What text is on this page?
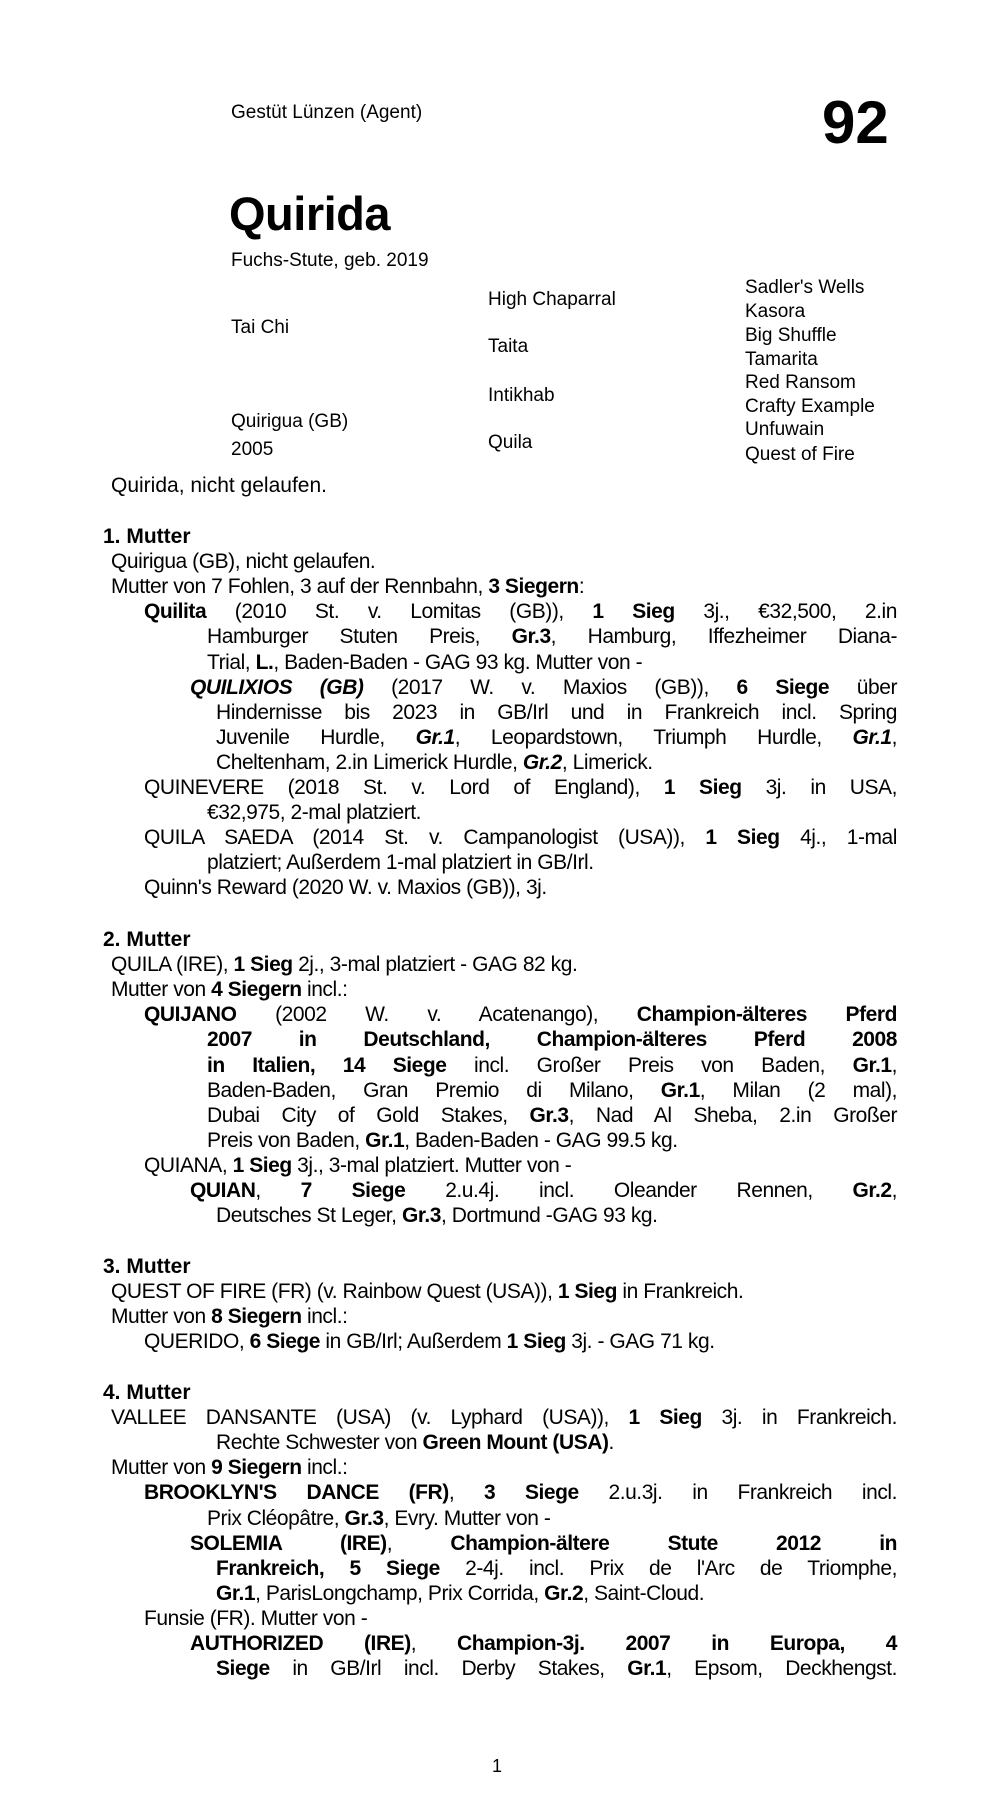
Gestüt Lünzen (Agent)	92
Quirida
Fuchs-Stute, geb. 2019
Tai Chi
Quirigua (GB)
2005
High Chaparral
Taita
Intikhab
Quila
Sadler's Wells
Kasora
Big Shuffle
Tamarita
Red Ransom
Crafty Example
Unfuwain
Quest of Fire
Quirida, nicht gelaufen.
1. Mutter
Quirigua (GB), nicht gelaufen.
Mutter von 7 Fohlen, 3 auf der Rennbahn, 3 Siegern:
Quilita (2010 St. v. Lomitas (GB)), 1 Sieg 3j., €32,500, 2.in
Hamburger Stuten Preis, Gr.3, Hamburg, Iffezheimer Diana-
Trial, L., Baden-Baden - GAG 93 kg. Mutter von -
QUILIXIOS (GB) (2017 W. v. Maxios (GB)), 6 Siege über
Hindernisse bis 2023 in GB/Irl und in Frankreich incl. Spring
Juvenile Hurdle, Gr.1, Leopardstown, Triumph Hurdle, Gr.1,
Cheltenham, 2.in Limerick Hurdle, Gr.2, Limerick.
QUINEVERE (2018 St. v. Lord of England), 1 Sieg 3j. in USA,
€32,975, 2-mal platziert.
QUILA SAEDA (2014 St. v. Campanologist (USA)), 1 Sieg 4j., 1-mal
platziert; Außerdem 1-mal platziert in GB/Irl.
Quinn's Reward (2020 W. v. Maxios (GB)), 3j.
2. Mutter
QUILA (IRE), 1 Sieg 2j., 3-mal platziert - GAG 82 kg.
Mutter von 4 Siegern incl.:
QUIJANO (2002 W. v. Acatenango), Champion-älteres Pferd
2007 in Deutschland, Champion-älteres Pferd 2008
in Italien, 14 Siege incl. Großer Preis von Baden, Gr.1,
Baden-Baden, Gran Premio di Milano, Gr.1, Milan (2 mal),
Dubai City of Gold Stakes, Gr.3, Nad Al Sheba, 2.in Großer
Preis von Baden, Gr.1, Baden-Baden - GAG 99.5 kg.
QUIANA, 1 Sieg 3j., 3-mal platziert. Mutter von -
QUIAN, 7 Siege 2.u.4j. incl. Oleander Rennen, Gr.2,
Deutsches St Leger, Gr.3, Dortmund -GAG 93 kg.
3. Mutter
QUEST OF FIRE (FR) (v. Rainbow Quest (USA)), 1 Sieg in Frankreich.
Mutter von 8 Siegern incl.:
QUERIDO, 6 Siege in GB/Irl; Außerdem 1 Sieg 3j. - GAG 71 kg.
4. Mutter
VALLEE DANSANTE (USA) (v. Lyphard (USA)), 1 Sieg 3j. in Frankreich.
Rechte Schwester von Green Mount (USA).
Mutter von 9 Siegern incl.:
BROOKLYN'S DANCE (FR), 3 Siege 2.u.3j. in Frankreich incl.
Prix Cléopâtre, Gr.3, Evry. Mutter von -
SOLEMIA (IRE), Champion-ältere Stute 2012 in
Frankreich, 5 Siege 2-4j. incl. Prix de l'Arc de Triomphe,
Gr.1, ParisLongchamp, Prix Corrida, Gr.2, Saint-Cloud.
Funsie (FR). Mutter von -
AUTHORIZED (IRE), Champion-3j. 2007 in Europa, 4
Siege in GB/Irl incl. Derby Stakes, Gr.1, Epsom, Deckhengst.
1
